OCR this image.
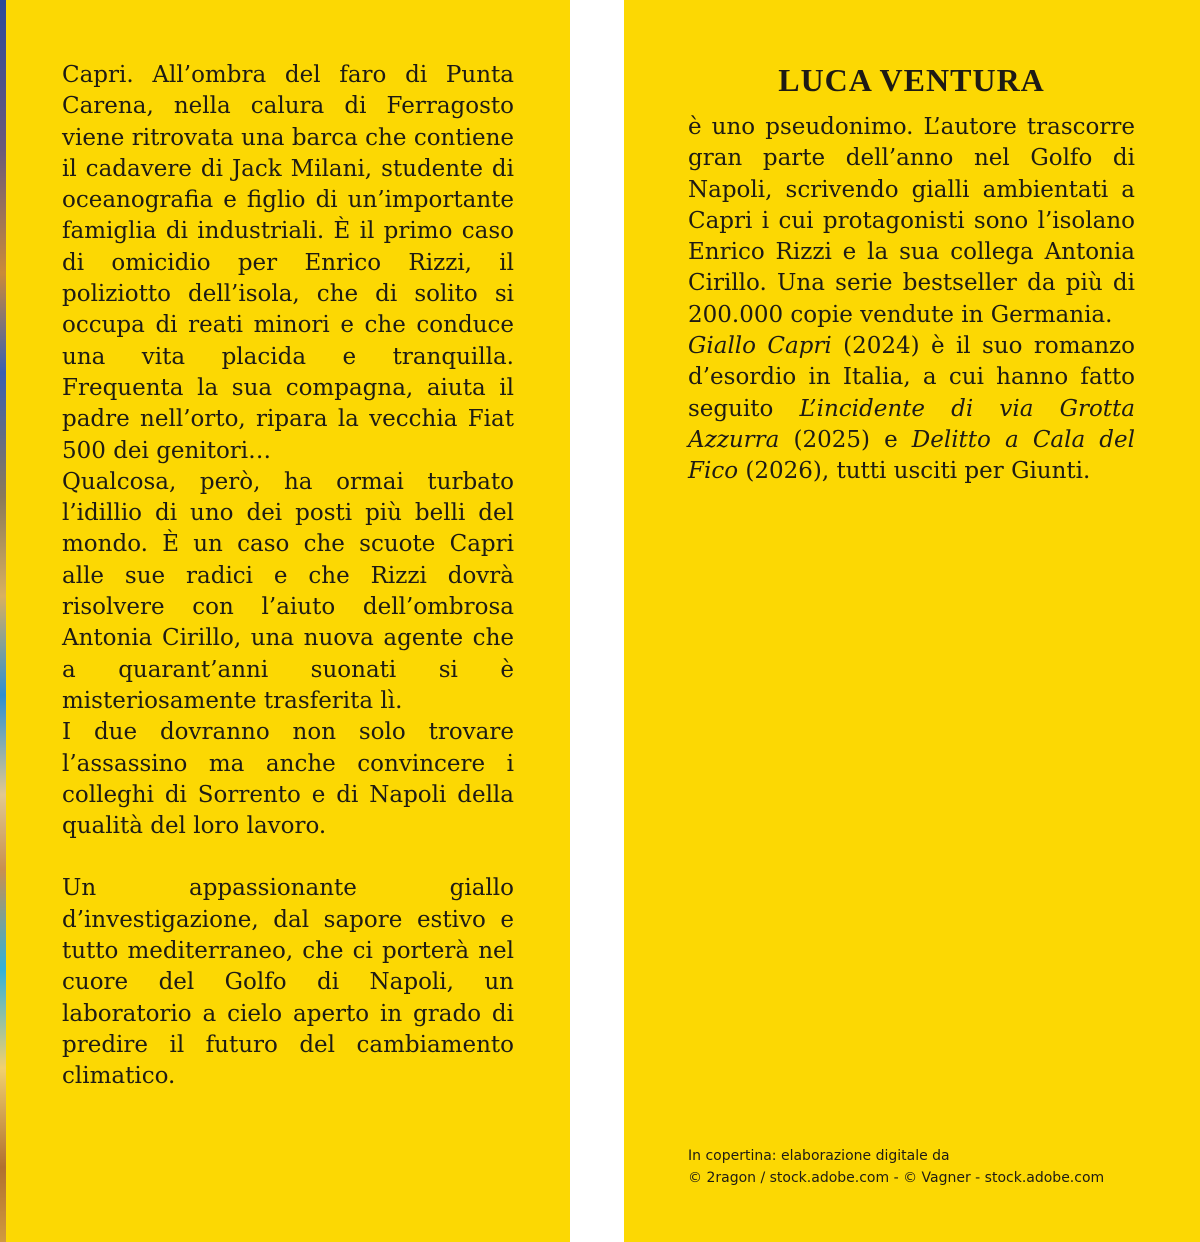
Capri. All’ombra del faro di Punta Carena, nella calura di Ferragosto viene ritrovata una barca che contiene il cadavere di Jack Milani, studente di oceanografia e figlio di un’importante famiglia di industriali. È il primo caso di omicidio per Enrico Rizzi, il poliziotto dell’isola, che di solito si occupa di reati minori e che conduce una vita placida e tranquilla. Frequenta la sua compagna, aiuta il padre nell’orto, ripara la vecchia Fiat 500 dei genitori…

Qualcosa, però, ha ormai turbato l’idillio di uno dei posti più belli del mondo. È un caso che scuote Capri alle sue radici e che Rizzi dovrà risolvere con l’aiuto dell’ombrosa Antonia Cirillo, una nuova agente che a quarant’anni suonati si è misteriosamente trasferita lì.

I due dovranno non solo trovare l’assassino ma anche convincere i colleghi di Sorrento e di Napoli della qualità del loro lavoro.

Un appassionante giallo d’investigazione, dal sapore estivo e tutto mediterraneo, che ci porterà nel cuore del Golfo di Napoli, un laboratorio a cielo aperto in grado di predire il futuro del cambiamento climatico.

LUCA VENTURA

è uno pseudonimo. L’autore trascorre gran parte dell’anno nel Golfo di Napoli, scrivendo gialli ambientati a Capri i cui protagonisti sono l’isolano Enrico Rizzi e la sua collega Antonia Cirillo. Una serie bestseller da più di 200.000 copie vendute in Germania.

Giallo Capri (2024) è il suo romanzo d’esordio in Italia, a cui hanno fatto seguito L’incidente di via Grotta Azzurra (2025) e Delitto a Cala del Fico (2026), tutti usciti per Giunti.

In copertina: elaborazione digitale da
© 2ragon / stock.adobe.com - © Vagner - stock.adobe.com
